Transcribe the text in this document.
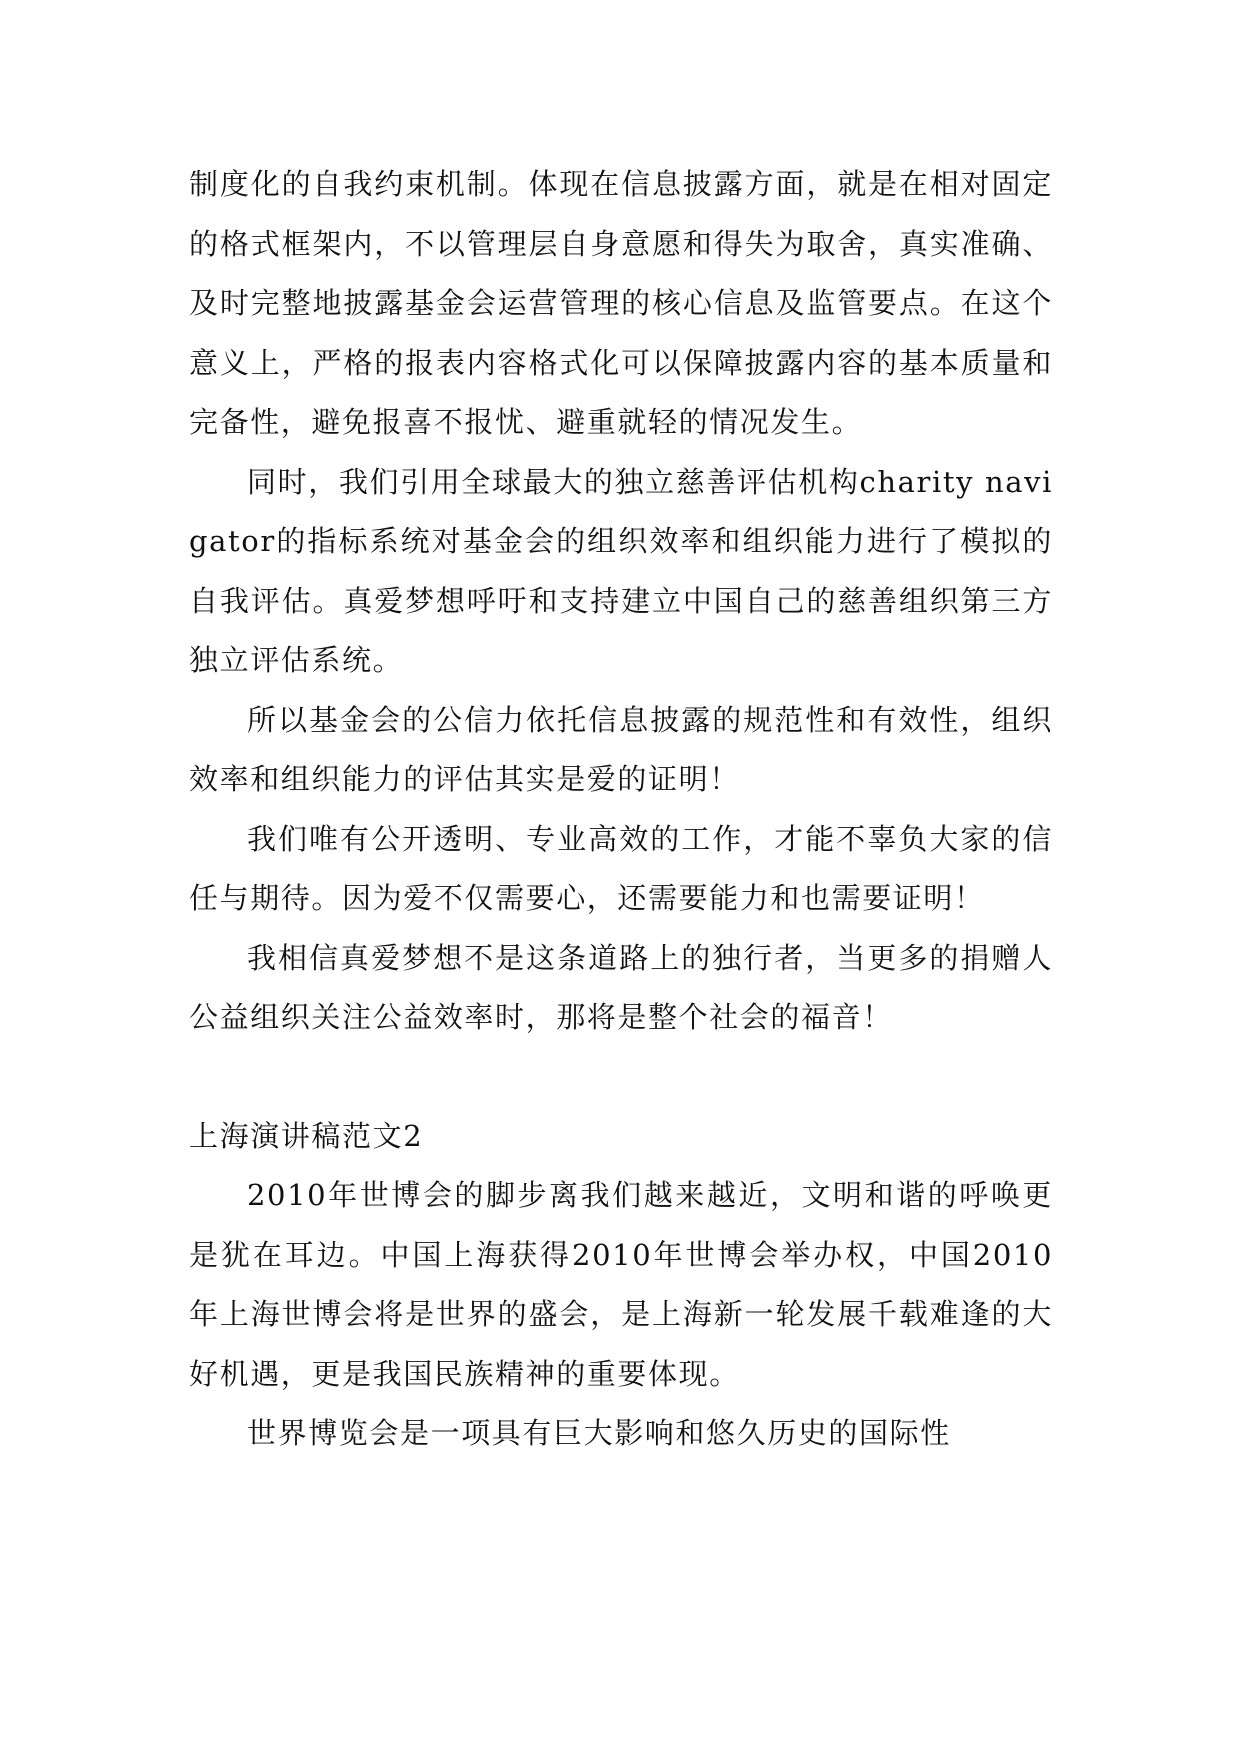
制度化的自我约束机制。体现在信息披露方面，就是在相对固定的格式框架内，不以管理层自身意愿和得失为取舍，真实准确、及时完整地披露基金会运营管理的核心信息及监管要点。在这个意义上，严格的报表内容格式化可以保障披露内容的基本质量和完备性，避免报喜不报忧、避重就轻的情况发生。

同时，我们引用全球最大的独立慈善评估机构charity navigator的指标系统对基金会的组织效率和组织能力进行了模拟的自我评估。真爱梦想呼吁和支持建立中国自己的慈善组织第三方独立评估系统。

所以基金会的公信力依托信息披露的规范性和有效性，组织效率和组织能力的评估其实是爱的证明！

我们唯有公开透明、专业高效的工作，才能不辜负大家的信任与期待。因为爱不仅需要心，还需要能力和也需要证明！

我相信真爱梦想不是这条道路上的独行者，当更多的捐赠人公益组织关注公益效率时，那将是整个社会的福音！

上海演讲稿范文2

2010年世博会的脚步离我们越来越近，文明和谐的呼唤更是犹在耳边。中国上海获得2010年世博会举办权，中国2010年上海世博会将是世界的盛会，是上海新一轮发展千载难逢的大好机遇，更是我国民族精神的重要体现。

世界博览会是一项具有巨大影响和悠久历史的国际性
